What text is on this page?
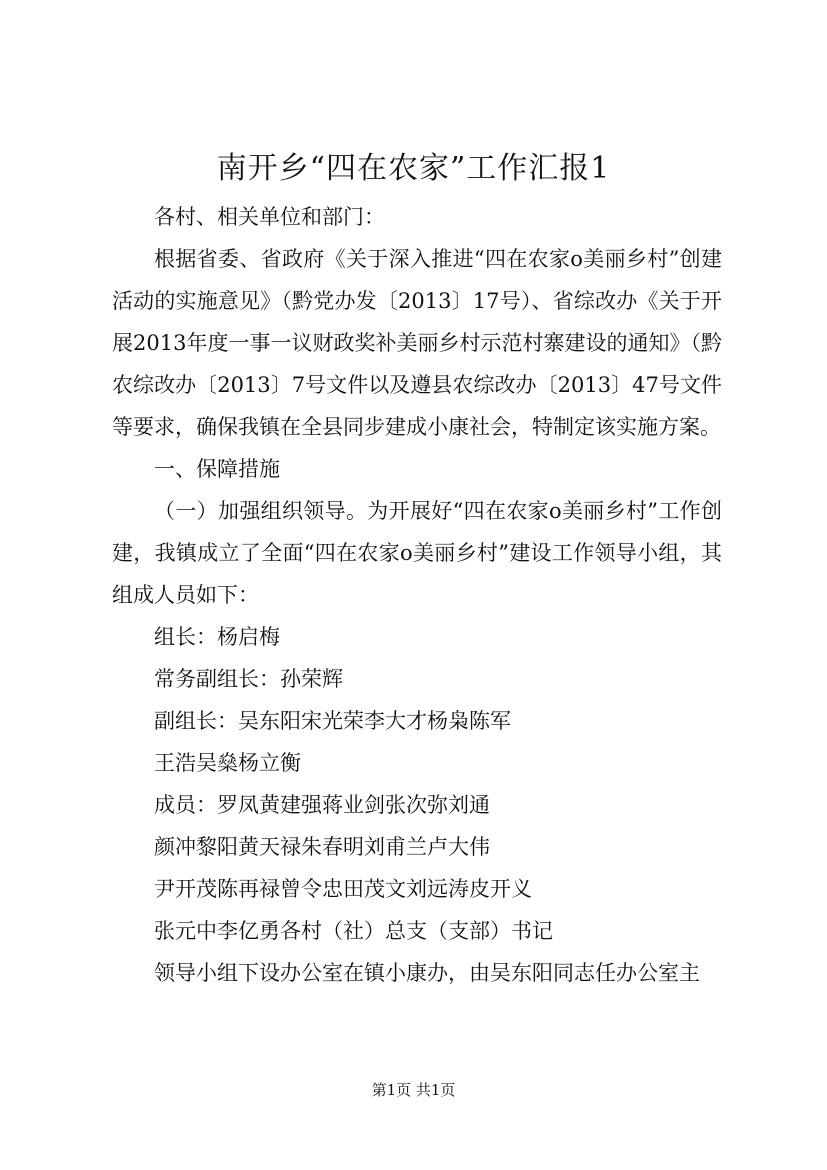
南开乡“四在农家”工作汇报1

各村、相关单位和部门：

根据省委、省政府《关于深入推进“四在农家ο美丽乡村”创建活动的实施意见》（黔党办发〔2013〕17号）、省综改办《关于开展2013年度一事一议财政奖补美丽乡村示范村寨建设的通知》（黔农综改办〔2013〕7号文件以及遵县农综改办〔2013〕47号文件等要求，确保我镇在全县同步建成小康社会，特制定该实施方案。

一、保障措施

（一）加强组织领导。为开展好“四在农家ο美丽乡村”工作创建，我镇成立了全面“四在农家ο美丽乡村”建设工作领导小组，其组成人员如下：

组长：杨启梅

常务副组长：孙荣辉

副组长：吴东阳宋光荣李大才杨枭陈军

王浩吴燊杨立衡

成员：罗凤黄建强蒋业剑张次弥刘通

颜冲黎阳黄天禄朱春明刘甫兰卢大伟

尹开茂陈再禄曾令忠田茂文刘远涛皮开义

张元中李亿勇各村（社）总支（支部）书记

领导小组下设办公室在镇小康办，由吴东阳同志任办公室主

第1页 共1页
